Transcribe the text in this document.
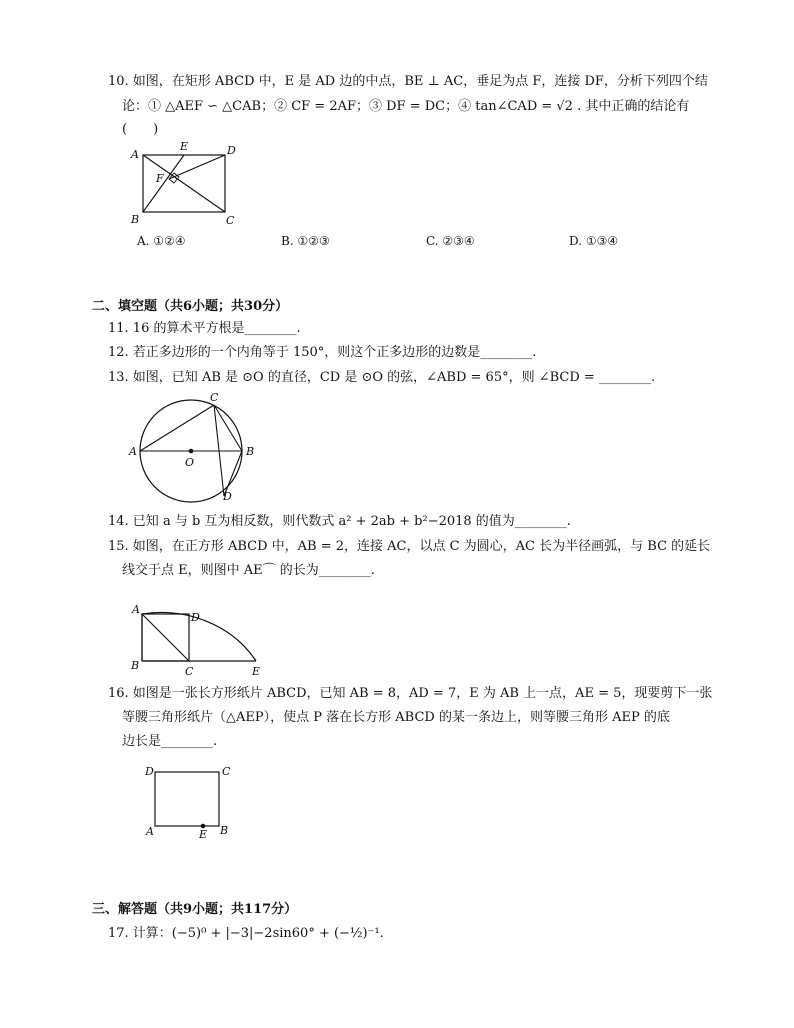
10. 如图，在矩形 ABCD 中，E 是 AD 边的中点，BE ⊥ AC，垂足为点 F，连接 DF，分析下列四个结
论：① △AEF ∽ △CAB；② CF = 2AF；③ DF = DC；④ tan∠CAD = √2 . 其中正确的结论有
(　　)
A
E	D
F
B	C
A. ①②④	B. ①②③	C. ②③④	D. ①③④
二、填空题（共6小题；共30分）
11. 16 的算术平方根是________.
12. 若正多边形的一个内角等于 150°，则这个正多边形的边数是________.
13. 如图，已知 AB 是 ⊙O 的直径，CD 是 ⊙O 的弦，∠ABD = 65°，则 ∠BCD = ________.
A	B
C
D
O
14. 已知 a 与 b 互为相反数，则代数式 a² + 2ab + b²−2018 的值为________.
15. 如图，在正方形 ABCD 中，AB = 2，连接 AC，以点 C 为圆心，AC 长为半径画弧，与 BC 的延长
线交于点 E，则图中 AE⌒ 的长为________.
A
D
B	C	E
16. 如图是一张长方形纸片 ABCD，已知 AB = 8，AD = 7，E 为 AB 上一点，AE = 5，现要剪下一张
等腰三角形纸片（△AEP），使点 P 落在长方形 ABCD 的某一条边上，则等腰三角形 AEP 的底
边长是________.
D	C
A	E B
三、解答题（共9小题；共117分）
17. 计算：(−5)⁰ + |−3|−2sin60° + (−½)⁻¹.
